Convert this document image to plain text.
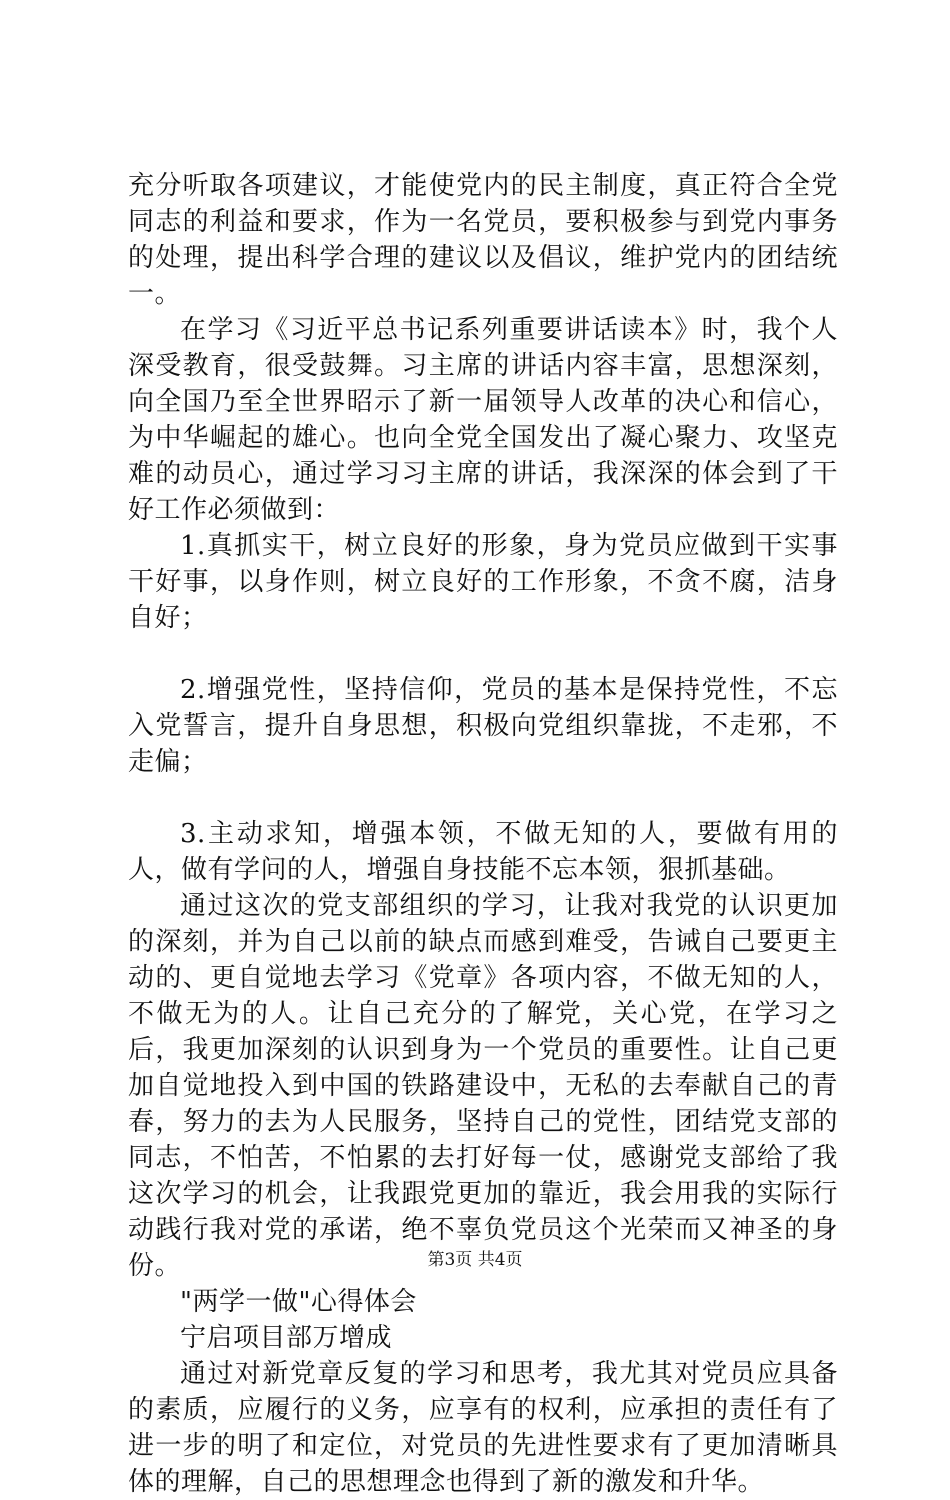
充分听取各项建议，才能使党内的民主制度，真正符合全党同志的利益和要求，作为一名党员，要积极参与到党内事务的处理，提出科学合理的建议以及倡议，维护党内的团结统一。

在学习《习近平总书记系列重要讲话读本》时，我个人深受教育，很受鼓舞。习主席的讲话内容丰富，思想深刻，向全国乃至全世界昭示了新一届领导人改革的决心和信心，为中华崛起的雄心。也向全党全国发出了凝心聚力、攻坚克难的动员心，通过学习习主席的讲话，我深深的体会到了干好工作必须做到：

1.真抓实干，树立良好的形象，身为党员应做到干实事干好事，以身作则，树立良好的工作形象，不贪不腐，洁身自好；

2.增强党性，坚持信仰，党员的基本是保持党性，不忘入党誓言，提升自身思想，积极向党组织靠拢，不走邪，不走偏；

3.主动求知，增强本领，不做无知的人，要做有用的人，做有学问的人，增强自身技能不忘本领，狠抓基础。

通过这次的党支部组织的学习，让我对我党的认识更加的深刻，并为自己以前的缺点而感到难受，告诫自己要更主动的、更自觉地去学习《党章》各项内容，不做无知的人，不做无为的人。让自己充分的了解党，关心党，在学习之后，我更加深刻的认识到身为一个党员的重要性。让自己更加自觉地投入到中国的铁路建设中，无私的去奉献自己的青春，努力的去为人民服务，坚持自己的党性，团结党支部的同志，不怕苦，不怕累的去打好每一仗，感谢党支部给了我这次学习的机会，让我跟党更加的靠近，我会用我的实际行动践行我对党的承诺，绝不辜负党员这个光荣而又神圣的身份。

"两学一做"心得体会

宁启项目部万增成

通过对新党章反复的学习和思考，我尤其对党员应具备的素质，应履行的义务，应享有的权利，应承担的责任有了进一步的明了和定位，对党员的先进性要求有了更加清晰具体的理解，自己的思想理念也得到了新的激发和升华。

第3页 共4页
